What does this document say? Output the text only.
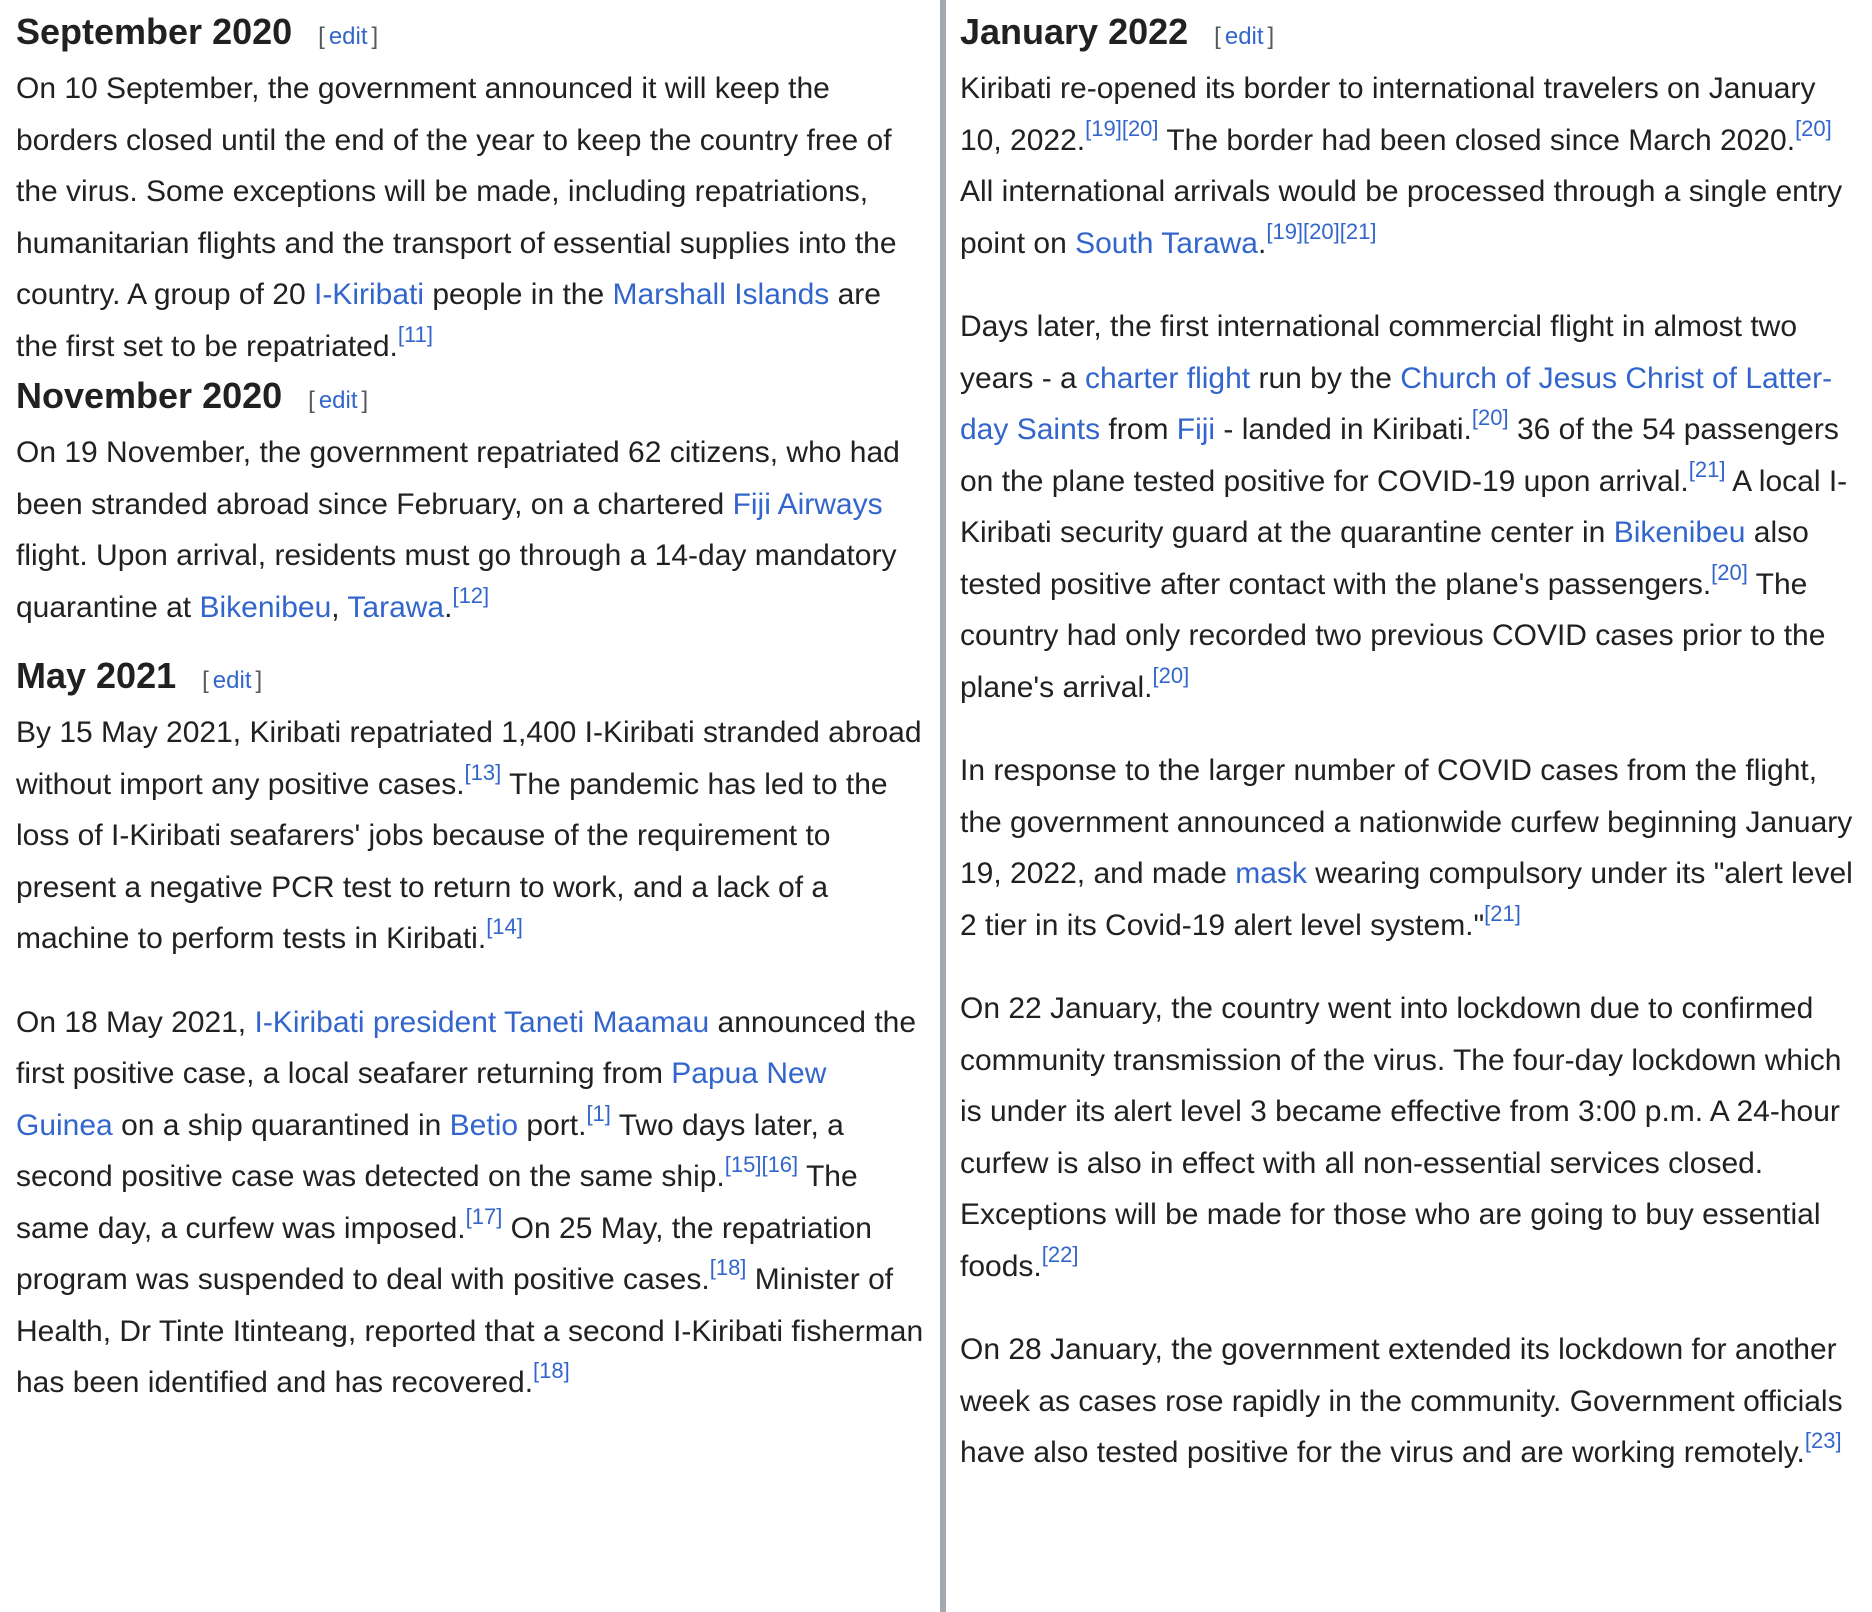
September 2020 [ edit ]

On 10 September, the government announced it will keep the borders closed until the end of the year to keep the country free of the virus. Some exceptions will be made, including repatriations, humanitarian flights and the transport of essential supplies into the country. A group of 20 I-Kiribati people in the Marshall Islands are the first set to be repatriated.[11]

November 2020 [ edit ]

On 19 November, the government repatriated 62 citizens, who had been stranded abroad since February, on a chartered Fiji Airways flight. Upon arrival, residents must go through a 14-day mandatory quarantine at Bikenibeu, Tarawa.[12]

May 2021 [ edit ]

By 15 May 2021, Kiribati repatriated 1,400 I-Kiribati stranded abroad without import any positive cases.[13] The pandemic has led to the loss of I-Kiribati seafarers' jobs because of the requirement to present a negative PCR test to return to work, and a lack of a machine to perform tests in Kiribati.[14]

On 18 May 2021, I-Kiribati president Taneti Maamau announced the first positive case, a local seafarer returning from Papua New Guinea on a ship quarantined in Betio port.[1] Two days later, a second positive case was detected on the same ship.[15][16] The same day, a curfew was imposed.[17] On 25 May, the repatriation program was suspended to deal with positive cases.[18] Minister of Health, Dr Tinte Itinteang, reported that a second I-Kiribati fisherman has been identified and has recovered.[18]

January 2022 [ edit ]

Kiribati re-opened its border to international travelers on January 10, 2022.[19][20] The border had been closed since March 2020.[20] All international arrivals would be processed through a single entry point on South Tarawa.[19][20][21]

Days later, the first international commercial flight in almost two years - a charter flight run by the Church of Jesus Christ of Latter-day Saints from Fiji - landed in Kiribati.[20] 36 of the 54 passengers on the plane tested positive for COVID-19 upon arrival.[21] A local I-Kiribati security guard at the quarantine center in Bikenibeu also tested positive after contact with the plane's passengers.[20] The country had only recorded two previous COVID cases prior to the plane's arrival.[20]

In response to the larger number of COVID cases from the flight, the government announced a nationwide curfew beginning January 19, 2022, and made mask wearing compulsory under its "alert level 2 tier in its Covid-19 alert level system."[21]

On 22 January, the country went into lockdown due to confirmed community transmission of the virus. The four-day lockdown which is under its alert level 3 became effective from 3:00 p.m. A 24-hour curfew is also in effect with all non-essential services closed. Exceptions will be made for those who are going to buy essential foods.[22]

On 28 January, the government extended its lockdown for another week as cases rose rapidly in the community. Government officials have also tested positive for the virus and are working remotely.[23]
